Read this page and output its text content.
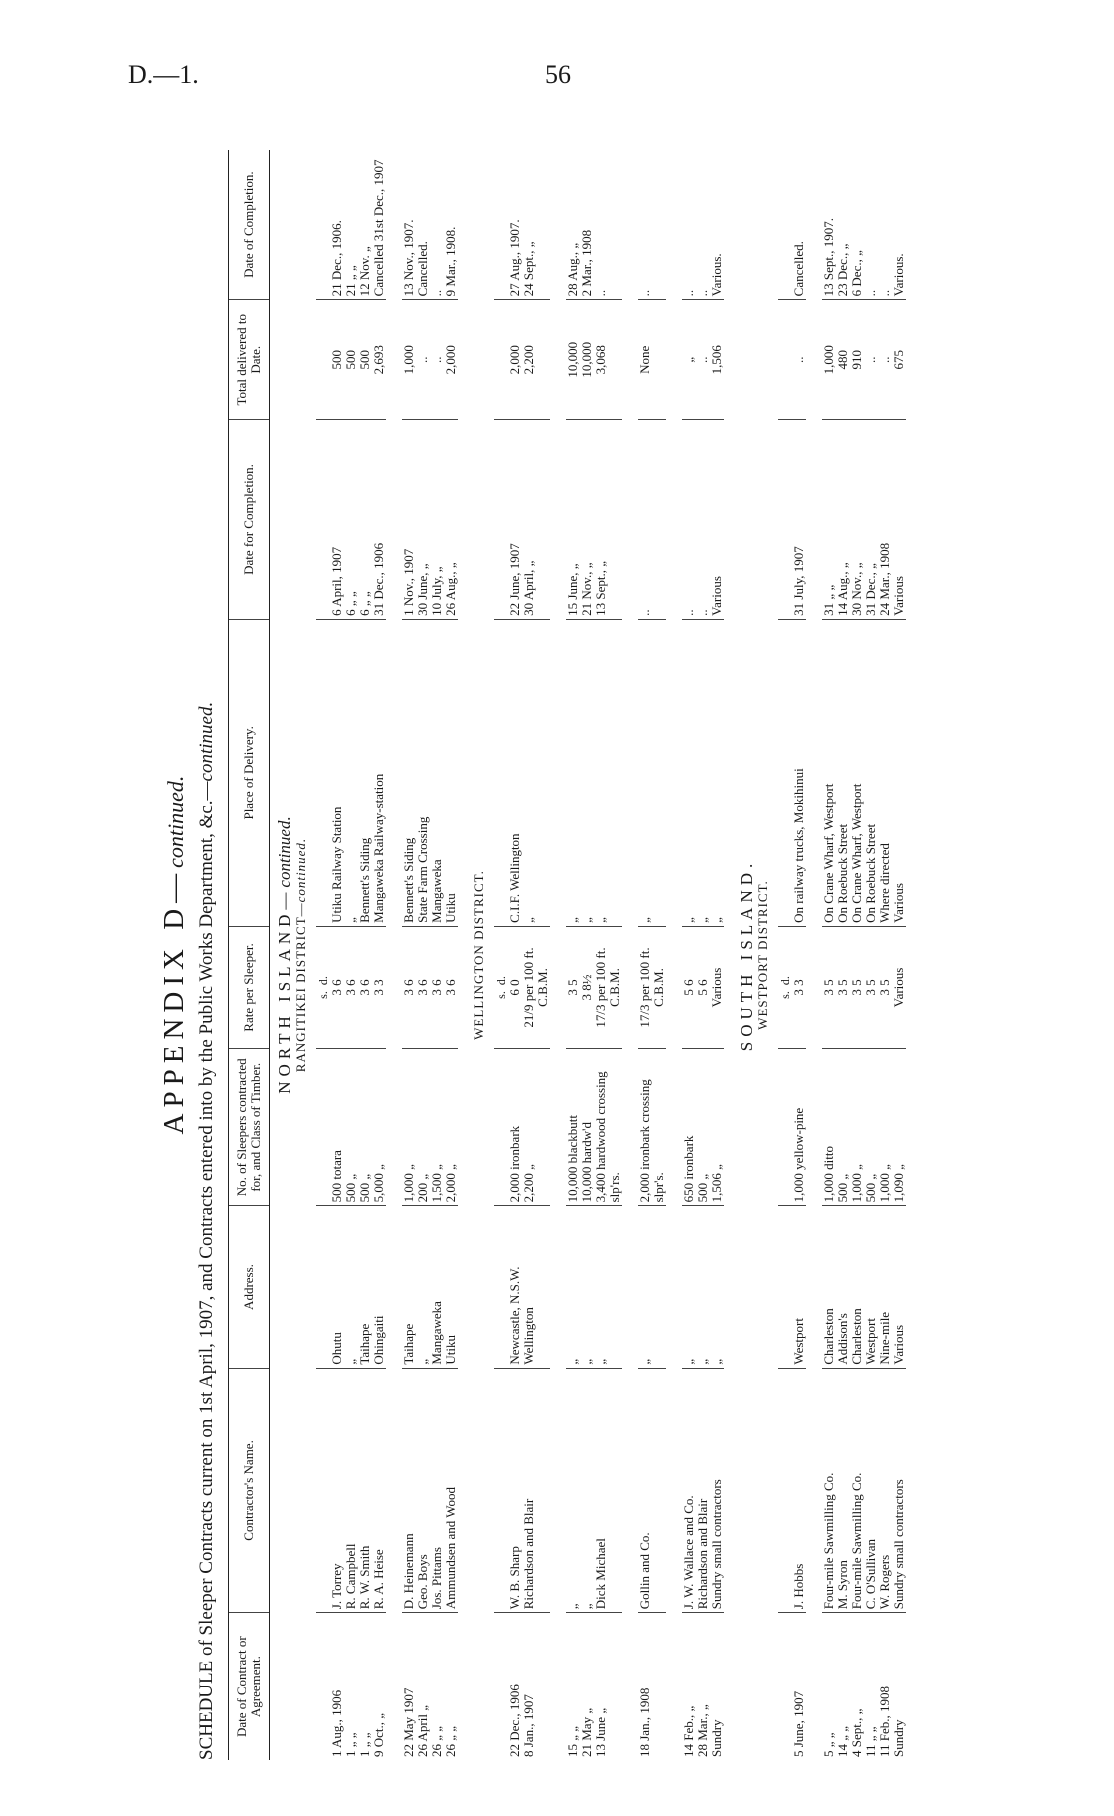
D.—1.	56
APPENDIX D—continued. SCHEDULE of Sleeper Contracts current on 1st April, 1907, and Contracts entered into by the Public Works Department, &c.—continued.
Date of Contract or Agreement.	Contractor's Name.	Address.	No. of Sleepers contracted for, and Class of Timber.	Rate per Sleeper.	Place of Delivery.	Date for Completion.	Total delivered to Date.	Date of Completion.
NORTH ISLAND—continued.								
RANGITIKEI DISTRICT—continued.								
				s.  d.				
1 Aug., 1906	J. Torrey	Ohutu	500 totara	3 6	Utiku Railway Station	6 April, 1907	500	21 Dec., 1906.
1 „ „	R. Campbell	„	500 „	3 6	„	6 „ „	500	21 „ „
1 „ „	R. W. Smith	Taihape	500 „	3 6	Bennett's Siding	6 „ „	500	12 Nov. „
9 Oct., „	R. A. Heise	Ohingaiti	5,000 „	3 3	Mangaweka Railway-station	31 Dec., 1906	2,693	Cancelled 31st Dec., 1907

22 May 1907	D. Heinemann	Taihape	1,000 „	3 6	Bennett's Siding	1 Nov., 1907	1,000	13 Nov., 1907.
26 April „	Geo. Boys	„	200 „	3 6	State Farm Crossing	30 June, „	..	Cancelled.
26 „ „	Jos. Pittams	Mangaweka	1,500 „	3 6	Mangaweka	10 July, „	..	..
26 „ „	Ammundsen and Wood	Utiku	2,000 „	3 6	Utiku	26 Aug., „	2,000	9 Mar., 1908.
WELLINGTON DISTRICT.								
				s.  d.				
22 Dec., 1906	W. B. Sharp	Newcastle, N.S.W.	2,000 ironbark	6 0	C.I.F. Wellington	22 June, 1907	2,000	27 Aug., 1907.
8 Jan., 1907	Richardson and Blair	Wellington	2,200 „	21/9 per 100 ft. C.B.M.	„	30 April, „	2,200	24 Sept., „

15 „ „	„	„	10,000 blackbutt	3 5	„	15 June, „	10,000	28 Aug., „
21 May „	„	„	10,000 hardw'd	3 8½	„	21 Nov., „	10,000	2 Mar., 1908
13 June „	Dick Michael	„	3,400 hardwood crossing slp'rs.	17/3 per 100 ft. C.B.M.	„	13 Sept., „	3,068	..

18 Jan., 1908	Gollin and Co.	„	2,000 ironbark crossing slpr's.	17/3 per 100 ft. C.B.M.	„	..	None	..

14 Feb., „	J. W. Wallace and Co.	„	650 ironbark	5 6	„	..	„	..
28 Mar., „	Richardson and Blair	„	500 „	5 6	„	..	..	..
Sundry	Sundry small contractors	„	1,506 „	Various	„	Various	1,506	Various.
SOUTH ISLAND.								
WESTPORT DISTRICT.								
				s.  d.				
5 June, 1907	J. Hobbs	Westport	1,000 yellow-pine	3 3	On railway trucks, Mokihinui	31 July, 1907	..	Cancelled.

5 „ „	Four-mile Sawmilling Co.	Charleston	1,000 ditto	3 5	On Crane Wharf, Westport	31 „ „	1,000	13 Sept., 1907.
14 „ „	M. Syron	Addison's	500 „	3 5	On Roebuck Street	14 Aug., „	480	23 Dec., „
4 Sept., „	Four-mile Sawmilling Co.	Charleston	1,000 „	3 5	On Crane Wharf, Westport	30 Nov., „	910	6 Dec., „
11 „ „	C. O'Sullivan	Westport	500 „	3 5	On Roebuck Street	31 Dec., „	..	..
11 Feb., 1908	W. Rogers	Nine-mile	1,000 „	3 5	Where directed	24 Mar., 1908	..	..
Sundry	Sundry small contractors	Various	1,090 „	Various	Various	Various	675	Various.
